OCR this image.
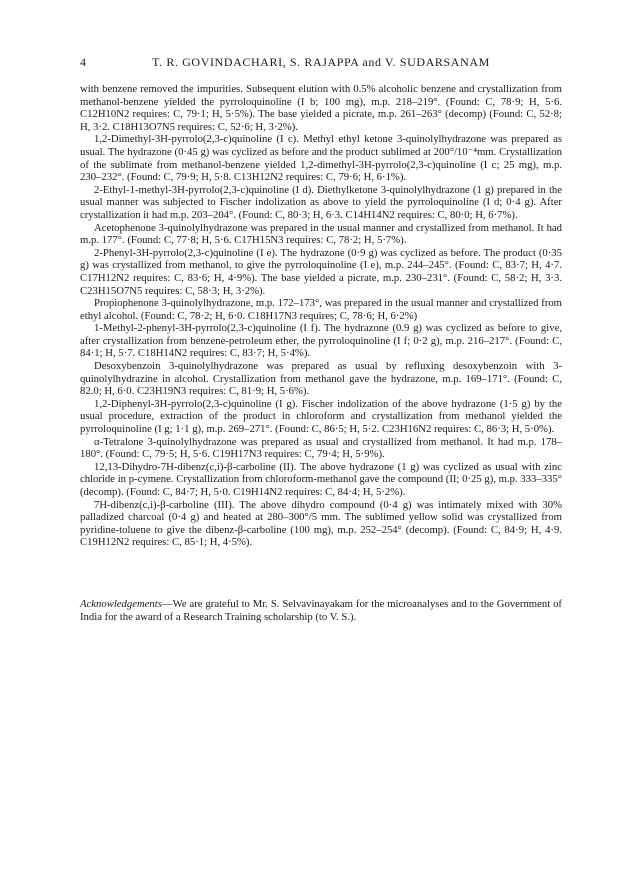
4	T. R. GOVINDACHARI, S. RAJAPPA and V. SUDARSANAM

with benzene removed the impurities. Subsequent elution with 0.5% alcoholic benzene and crystallization from methanol-benzene yielded the pyrroloquinoline (I b; 100 mg), m.p. 218–219°. (Found: C, 78·9; H, 5·6. C12H10N2 requires: C, 79·1; H, 5·5%). The base yielded a picrate, m.p. 261–263° (decomp) (Found: C, 52·8; H, 3·2. C18H13O7N5 requires: C, 52·6; H, 3·2%).

1,2-Dimethyl-3H-pyrrolo(2,3-c)quinoline (I c). Methyl ethyl ketone 3-quinolylhydrazone was prepared as usual. The hydrazone (0·45 g) was cyclized as before and the product sublimed at 200°/10⁻⁴mm. Crystallization of the sublimate from methanol-benzene yielded 1,2-dimethyl-3H-pyrrolo(2,3-c)quinoline (I c; 25 mg), m.p. 230–232°. (Found: C, 79·9; H, 5·8. C13H12N2 requires: C, 79·6; H, 6·1%).

2-Ethyl-1-methyl-3H-pyrrolo(2,3-c)quinoline (I d). Diethylketone 3-quinolylhydrazone (1 g) prepared in the usual manner was subjected to Fischer indolization as above to yield the pyrroloquinoline (I d; 0·4 g). After crystallization it had m.p. 203–204°. (Found: C, 80·3; H, 6·3. C14H14N2 requires: C, 80·0; H, 6·7%).

Acetophenone 3-quinolylhydrazone was prepared in the usual manner and crystallized from methanol. It had m.p. 177°. (Found: C, 77·8; H, 5·6. C17H15N3 requires: C, 78·2; H, 5·7%).

2-Phenyl-3H-pyrrolo(2,3-c)quinoline (I e). The hydrazone (0·9 g) was cyclized as before. The product (0·35 g) was crystallized from methanol, to give the pyrroloquinoline (I e), m.p. 244–245°. (Found: C, 83·7; H, 4·7. C17H12N2 requires: C, 83·6; H, 4·9%). The base yielded a picrate, m.p. 230–231°. (Found: C, 58·2; H, 3·3. C23H15O7N5 requires: C, 58·3; H, 3·2%).

Propiophenone 3-quinolylhydrazone, m.p. 172–173°, was prepared in the usual manner and crystallized from ethyl alcohol. (Found: C, 78·2; H, 6·0. C18H17N3 requires; C, 78·6; H, 6·2%)

1-Methyl-2-phenyl-3H-pyrrolo(2,3-c)quinoline (I f). The hydrazone (0.9 g) was cyclized as before to give, after crystallization from benzene-petroleum ether, the pyrroloquinoline (I f; 0·2 g), m.p. 216–217°. (Found: C, 84·1; H, 5·7. C18H14N2 requires: C, 83·7; H, 5·4%).

Desoxybenzoin 3-quinolylhydrazone was prepared as usual by refluxing desoxybenzoin with 3-quinolylhydrazine in alcohol. Crystallization from methanol gave the hydrazone, m.p. 169–171°. (Found: C, 82.0; H, 6·0. C23H19N3 requires: C, 81·9; H, 5·6%).

1,2-Diphenyl-3H-pyrrolo(2,3-c)quinoline (I g). Fischer indolization of the above hydrazone (1·5 g) by the usual procedure, extraction of the product in chloroform and crystallization from methanol yielded the pyrroloquinoline (I g; 1·1 g), m.p. 269–271°. (Found: C, 86·5; H, 5·2. C23H16N2 requires: C, 86·3; H, 5·0%).

α-Tetralone 3-quinolylhydrazone was prepared as usual and crystallized from methanol. It had m.p. 178–180°. (Found: C, 79·5; H, 5·6. C19H17N3 requires: C, 79·4; H, 5·9%).

12,13-Dihydro-7H-dibenz(c,i)-β-carboline (II). The above hydrazone (1 g) was cyclized as usual with zinc chloride in p-cymene. Crystallization from chloroform-methanol gave the compound (II; 0·25 g), m.p. 333–335° (decomp). (Found: C, 84·7; H, 5·0. C19H14N2 requires: C, 84·4; H, 5·2%).

7H-dibenz(c,i)-β-carboline (III). The above dihydro compound (0·4 g) was intimately mixed with 30% palladized charcoal (0·4 g) and heated at 280–300°/5 mm. The sublimed yellow solid was crystallized from pyridine-toluene to give the dibenz-β-carboline (100 mg), m.p. 252–254° (decomp). (Found: C, 84·9; H, 4·9. C19H12N2 requires: C, 85·1; H, 4·5%).

Acknowledgements—We are grateful to Mr. S. Selvavinayakam for the microanalyses and to the Government of India for the award of a Research Training scholarship (to V. S.).
